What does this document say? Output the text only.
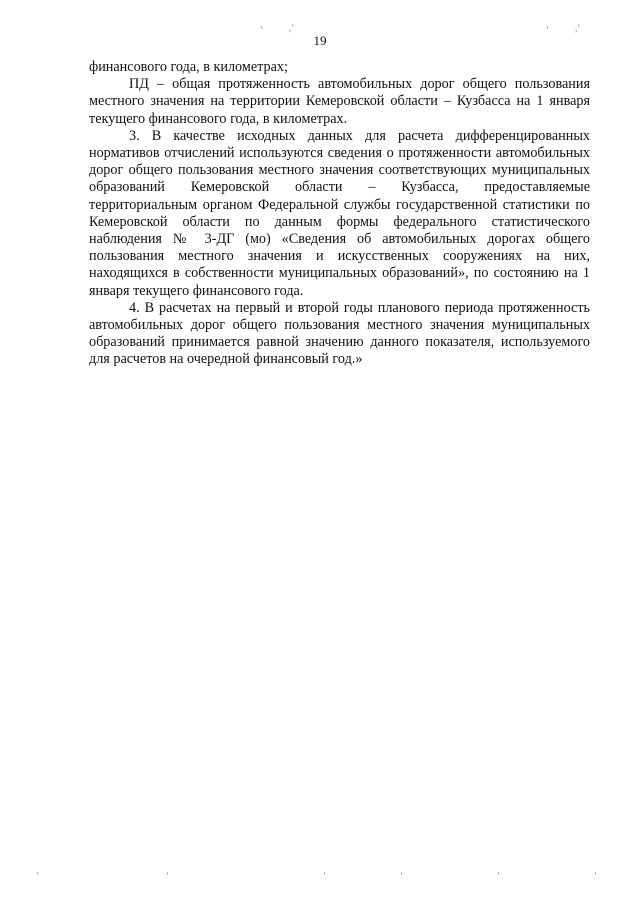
ʼ	,ʼ	ʼ	,ʼ
ʼ	ʼ	ʼ	ʼ	ʼ	ʼ
19

финансового года, в километрах;

ПД – общая протяженность автомобильных дорог общего пользования местного значения на территории Кемеровской области – Кузбасса на 1 января текущего финансового года, в километрах.

3. В качестве исходных данных для расчета дифференцированных нормативов отчислений используются сведения о протяженности автомобильных дорог общего пользования местного значения соответствующих муниципальных образований Кемеровской области – Кузбасса, предоставляемые территориальным органом Федеральной службы государственной статистики по Кемеровской области по данным формы федерального статистического наблюдения № 3-ДГ (мо) «Сведения об автомобильных дорогах общего пользования местного значения и искусственных сооружениях на них, находящихся в собственности муниципальных образований», по состоянию на 1 января текущего финансового года.

4. В расчетах на первый и второй годы планового периода протяженность автомобильных дорог общего пользования местного значения муниципальных образований принимается равной значению данного показателя, используемого для расчетов на очередной финансовый год.»
